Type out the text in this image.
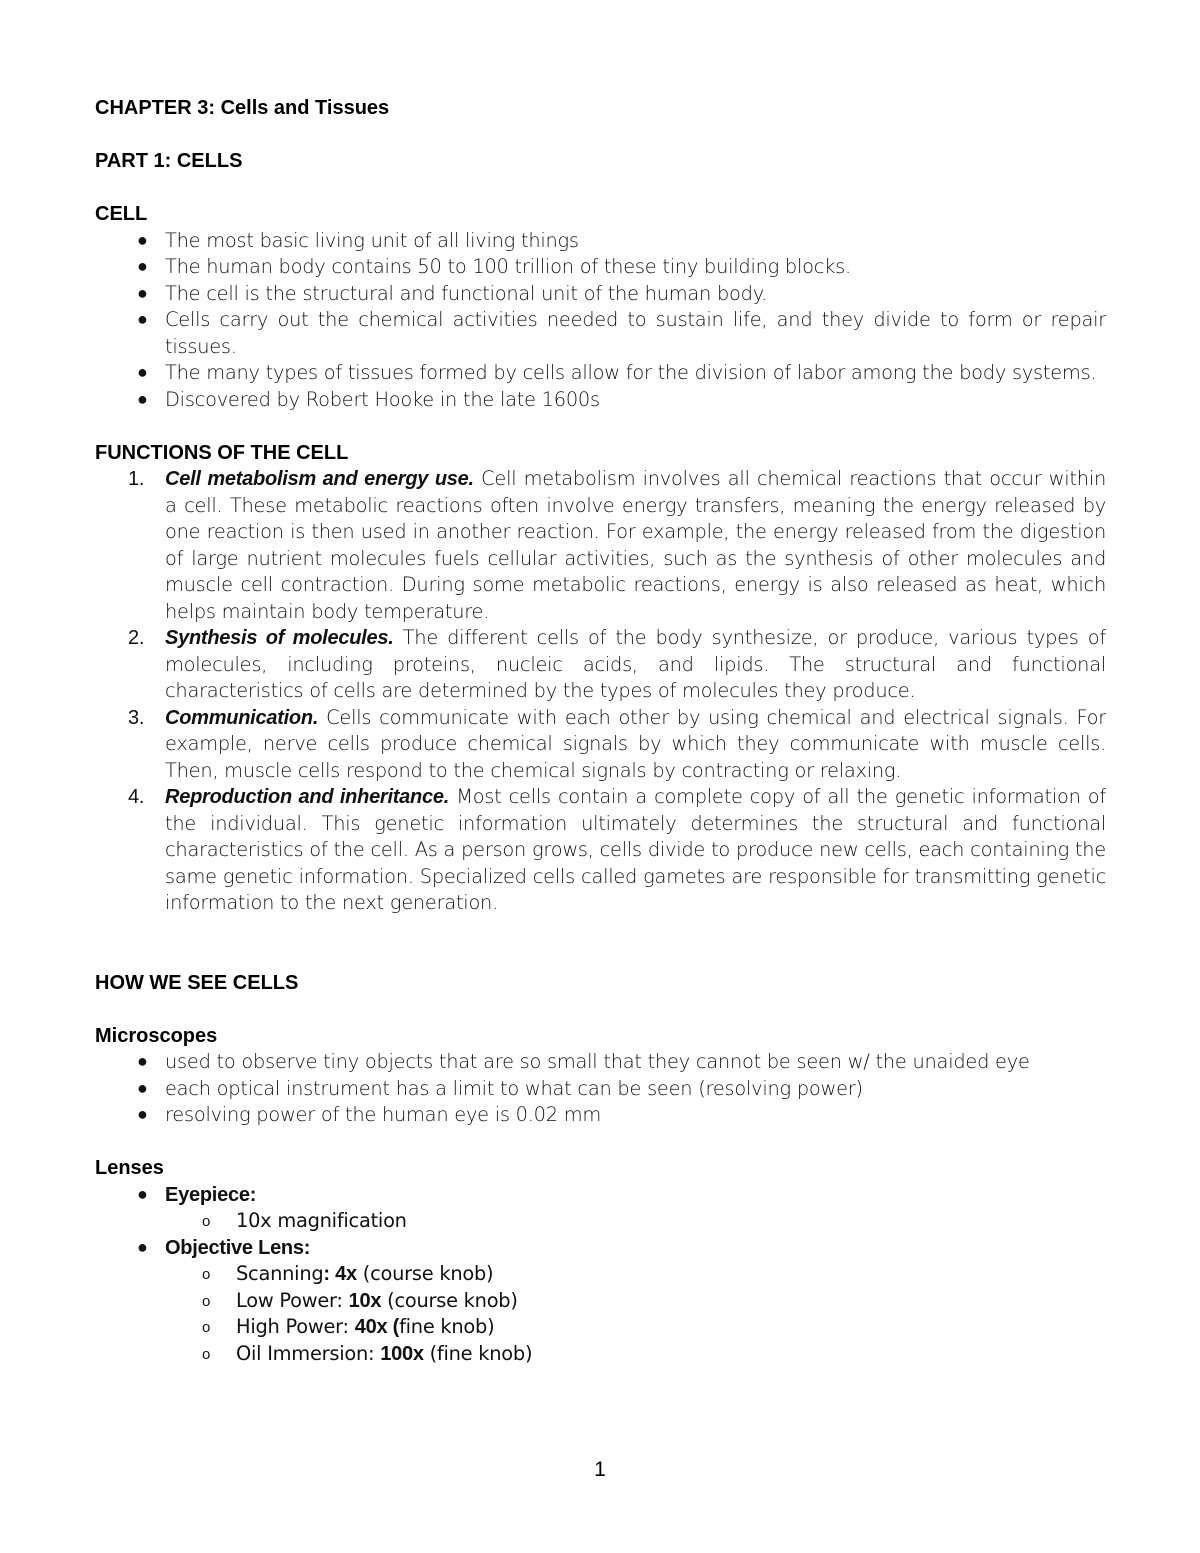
CHAPTER 3: Cells and Tissues
PART 1: CELLS
CELL
● The most basic living unit of all living things
● The human body contains 50 to 100 trillion of these tiny building blocks.
● The cell is the structural and functional unit of the human body.
● Cells carry out the chemical activities needed to sustain life, and they divide to form or repair tissues.
● The many types of tissues formed by cells allow for the division of labor among the body systems.
● Discovered by Robert Hooke in the late 1600s
FUNCTIONS OF THE CELL
1. Cell metabolism and energy use. Cell metabolism involves all chemical reactions that occur within a cell. These metabolic reactions often involve energy transfers, meaning the energy released by one reaction is then used in another reaction. For example, the energy released from the digestion of large nutrient molecules fuels cellular activities, such as the synthesis of other molecules and muscle cell contraction. During some metabolic reactions, energy is also released as heat, which helps maintain body temperature.
2. Synthesis of molecules. The different cells of the body synthesize, or produce, various types of molecules, including proteins, nucleic acids, and lipids. The structural and functional characteristics of cells are determined by the types of molecules they produce.
3. Communication. Cells communicate with each other by using chemical and electrical signals. For example, nerve cells produce chemical signals by which they communicate with muscle cells. Then, muscle cells respond to the chemical signals by contracting or relaxing.
4. Reproduction and inheritance. Most cells contain a complete copy of all the genetic information of the individual. This genetic information ultimately determines the structural and functional characteristics of the cell. As a person grows, cells divide to produce new cells, each containing the same genetic information. Specialized cells called gametes are responsible for transmitting genetic information to the next generation.
HOW WE SEE CELLS
Microscopes
● used to observe tiny objects that are so small that they cannot be seen w/ the unaided eye
● each optical instrument has a limit to what can be seen (resolving power)
● resolving power of the human eye is 0.02 mm
Lenses
● Eyepiece:
o 10x magnification
● Objective Lens:
o Scanning: 4x (course knob)
o Low Power: 10x (course knob)
o High Power: 40x (fine knob)
o Oil Immersion: 100x (fine knob)
1
